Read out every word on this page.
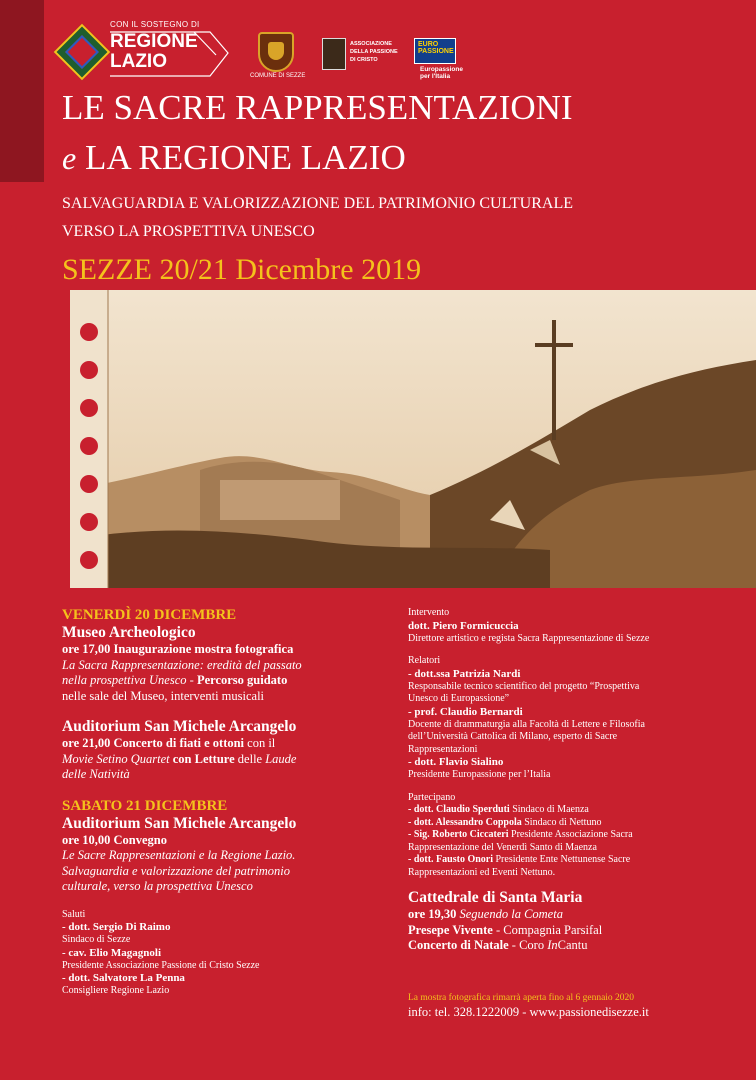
CON IL SOSTEGNO DI
REGIONE
LAZIO
COMUNE DI SEZZE
ASSOCIAZIONE
DELLA PASSIONE
DI CRISTO
EURO PASSIONE
Europassione
per l'Italia
LE SACRE RAPPRESENTAZIONI
e LA REGIONE LAZIO
SALVAGUARDIA E VALORIZZAZIONE DEL PATRIMONIO CULTURALE
VERSO LA PROSPETTIVA UNESCO
SEZZE 20/21 Dicembre 2019
VENERDÌ 20 DICEMBRE
Museo Archeologico
ore 17,00 Inaugurazione mostra fotografica
La Sacra Rappresentazione: eredità del passato
nella prospettiva Unesco - Percorso guidato
nelle sale del Museo, interventi musicali
Auditorium San Michele Arcangelo
ore 21,00 Concerto di fiati e ottoni con il
Movie Setino Quartet con Letture delle Laude
delle Natività
SABATO 21 DICEMBRE
Auditorium San Michele Arcangelo
ore 10,00 Convegno
Le Sacre Rappresentazioni e la Regione Lazio.
Salvaguardia e valorizzazione del patrimonio
culturale, verso la prospettiva Unesco
Saluti
- dott. Sergio Di Raimo
Sindaco di Sezze
- cav. Elio Magagnoli
Presidente Associazione Passione di Cristo Sezze
- dott. Salvatore La Penna
Consigliere Regione Lazio
Intervento
dott. Piero Formicuccia
Direttore artistico e regista Sacra Rappresentazione di Sezze
Relatori
- dott.ssa Patrizia Nardi
Responsabile tecnico scientifico del progetto “Prospettiva
Unesco di Europassione”
- prof. Claudio Bernardi
Docente di drammaturgia alla Facoltà di Lettere e Filosofia
dell’Università Cattolica di Milano, esperto di Sacre
Rappresentazioni
- dott. Flavio Sialino
Presidente Europassione per l’Italia
Partecipano
- dott. Claudio Sperduti Sindaco di Maenza
- dott. Alessandro Coppola Sindaco di Nettuno
- Sig. Roberto Ciccateri Presidente Associazione Sacra
Rappresentazione del Venerdì Santo di Maenza
- dott. Fausto Onori Presidente Ente Nettunense Sacre
Rappresentazioni ed Eventi Nettuno.
Cattedrale di Santa Maria
ore 19,30 Seguendo la Cometa
Presepe Vivente - Compagnia Parsifal
Concerto di Natale - Coro InCantu
La mostra fotografica rimarrà aperta fino al 6 gennaio 2020
info: tel. 328.1222009 - www.passionedisezze.it
